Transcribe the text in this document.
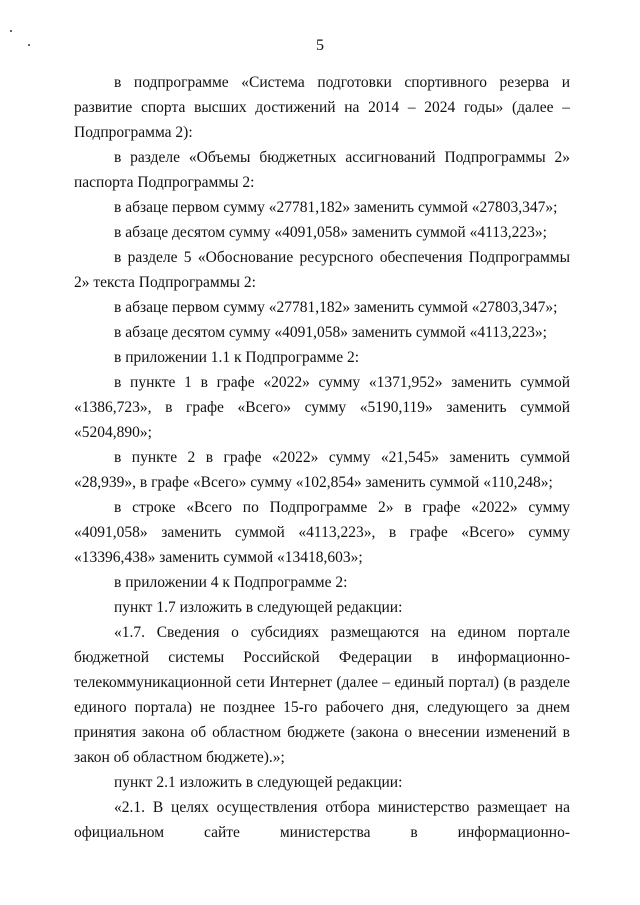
5

в подпрограмме «Система подготовки спортивного резерва и развитие спорта высших достижений на 2014 – 2024 годы» (далее – Подпрограмма 2):

в разделе «Объемы бюджетных ассигнований Подпрограммы 2» паспорта Подпрограммы 2:

в абзаце первом сумму «27781,182» заменить суммой «27803,347»;

в абзаце десятом сумму «4091,058» заменить суммой «4113,223»;

в разделе 5 «Обоснование ресурсного обеспечения Подпрограммы 2» текста Подпрограммы 2:

в абзаце первом сумму «27781,182» заменить суммой «27803,347»;

в абзаце десятом сумму «4091,058» заменить суммой «4113,223»;

в приложении 1.1 к Подпрограмме 2:

в пункте 1 в графе «2022» сумму «1371,952» заменить суммой «1386,723», в графе «Всего» сумму «5190,119» заменить суммой «5204,890»;

в пункте 2 в графе «2022» сумму «21,545» заменить суммой «28,939», в графе «Всего» сумму «102,854» заменить суммой «110,248»;

в строке «Всего по Подпрограмме 2» в графе «2022» сумму «4091,058» заменить суммой «4113,223», в графе «Всего» сумму «13396,438» заменить суммой «13418,603»;

в приложении 4 к Подпрограмме 2:

пункт 1.7 изложить в следующей редакции:

«1.7. Сведения о субсидиях размещаются на едином портале бюджетной системы Российской Федерации в информационно-телекоммуникационной сети Интернет (далее – единый портал) (в разделе единого портала) не позднее 15-го рабочего дня, следующего за днем принятия закона об областном бюджете (закона о внесении изменений в закон об областном бюджете).»;

пункт 2.1 изложить в следующей редакции:

«2.1. В целях осуществления отбора министерство размещает на официальном сайте министерства в информационно-
